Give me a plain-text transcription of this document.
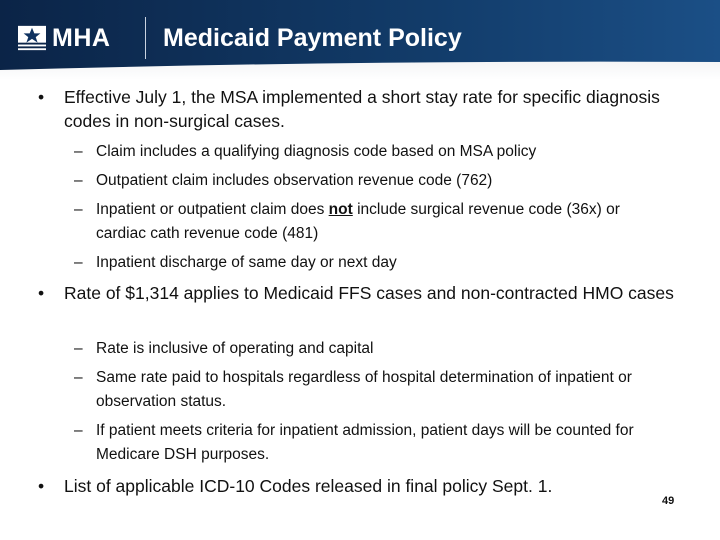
MHA Medicaid Payment Policy
• Effective July 1, the MSA implemented a short stay rate for specific diagnosis codes in non-surgical cases.
– Claim includes a qualifying diagnosis code based on MSA policy
– Outpatient claim includes observation revenue code (762)
– Inpatient or outpatient claim does not include surgical revenue code (36x) or cardiac cath revenue code (481)
– Inpatient discharge of same day or next day
• Rate of $1,314 applies to Medicaid FFS cases and non-contracted HMO cases
– Rate is inclusive of operating and capital
– Same rate paid to hospitals regardless of hospital determination of inpatient or observation status.
– If patient meets criteria for inpatient admission, patient days will be counted for Medicare DSH purposes.
• List of applicable ICD-10 Codes released in final policy Sept. 1.
49
